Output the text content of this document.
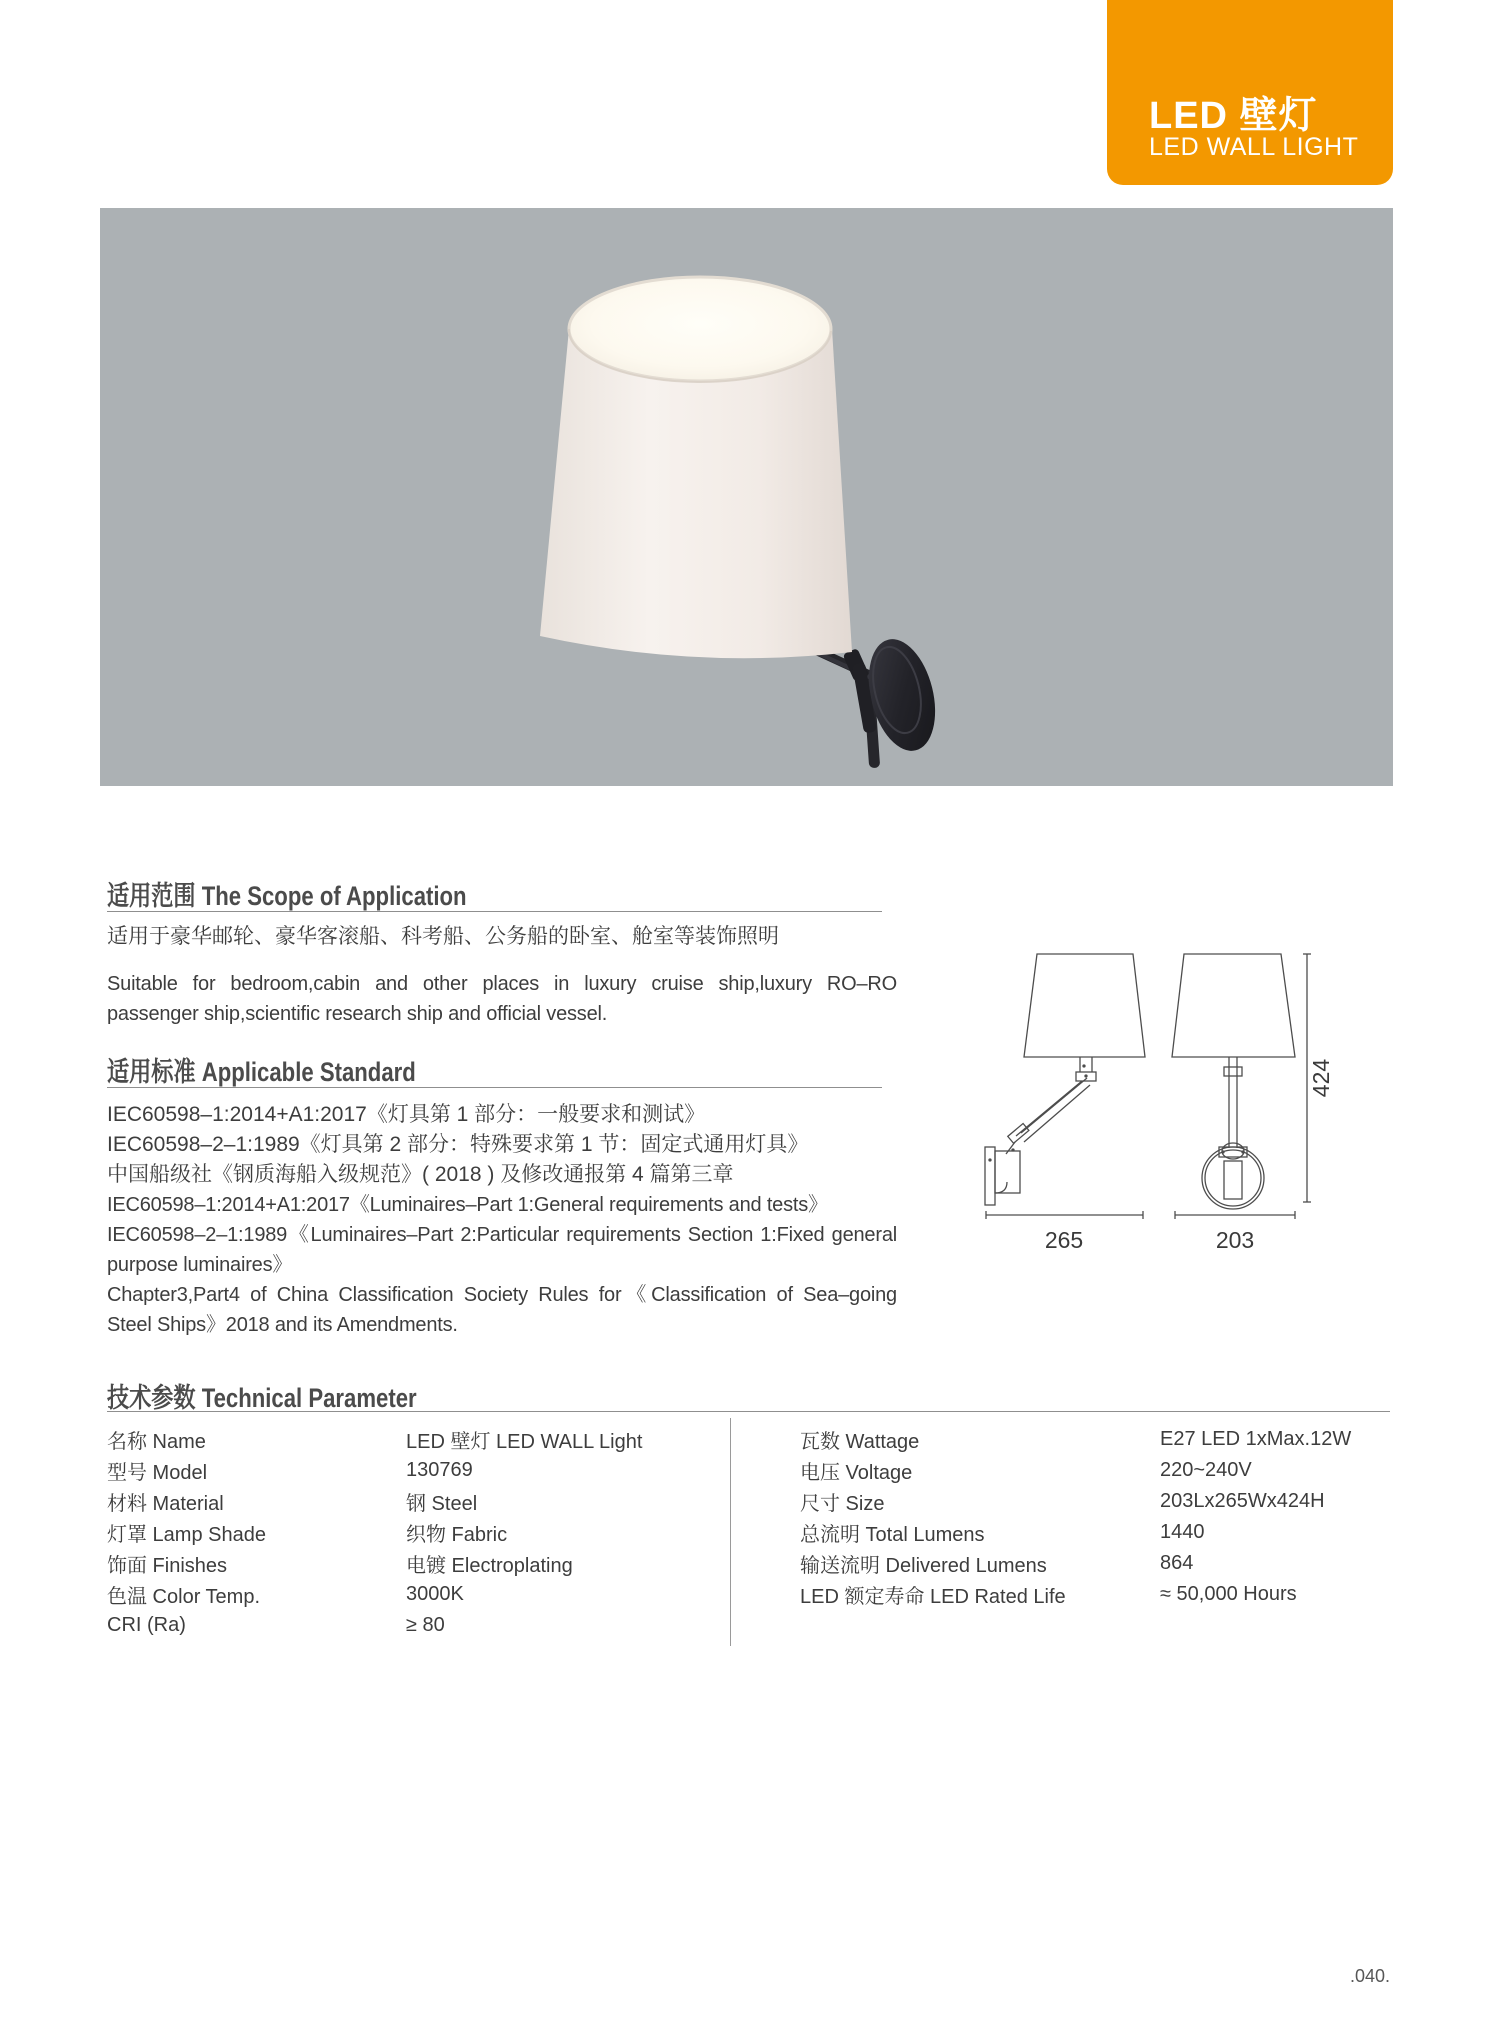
LED 壁灯
LED WALL LIGHT
适用范围 The Scope of Application

适用于豪华邮轮、豪华客滚船、科考船、公务船的卧室、舱室等装饰照明

Suitable for bedroom,cabin and other places in luxury cruise ship,luxury RO–RO passenger ship,scientific research ship and official vessel.

适用标准 Applicable Standard

IEC60598–1:2014+A1:2017《灯具第 1 部分：一般要求和测试》

IEC60598–2–1:1989《灯具第 2 部分：特殊要求第 1 节：固定式通用灯具》

中国船级社《钢质海船入级规范》( 2018 ) 及修改通报第 4 篇第三章

IEC60598–1:2014+A1:2017《Luminaires–Part 1:General requirements and tests》

IEC60598–2–1:1989《Luminaires–Part 2:Particular requirements Section 1:Fixed general purpose luminaires》

Chapter3,Part4 of China Classification Society Rules for《Classification of Sea–going Steel Ships》2018 and its Amendments.

265	203
424
技术参数 Technical Parameter
名称 Name	LED 壁灯 LED WALL Light
型号 Model	130769
材料 Material	钢 Steel
灯罩 Lamp Shade	织物 Fabric
饰面 Finishes	电镀 Electroplating
色温 Color Temp.	3000K
CRI (Ra)	≥ 80
瓦数 Wattage	E27 LED 1xMax.12W
电压 Voltage	220~240V
尺寸 Size	203Lx265Wx424H
总流明 Total Lumens	1440
输送流明 Delivered Lumens	864
LED 额定寿命 LED Rated Life	≈ 50,000 Hours
.040.
